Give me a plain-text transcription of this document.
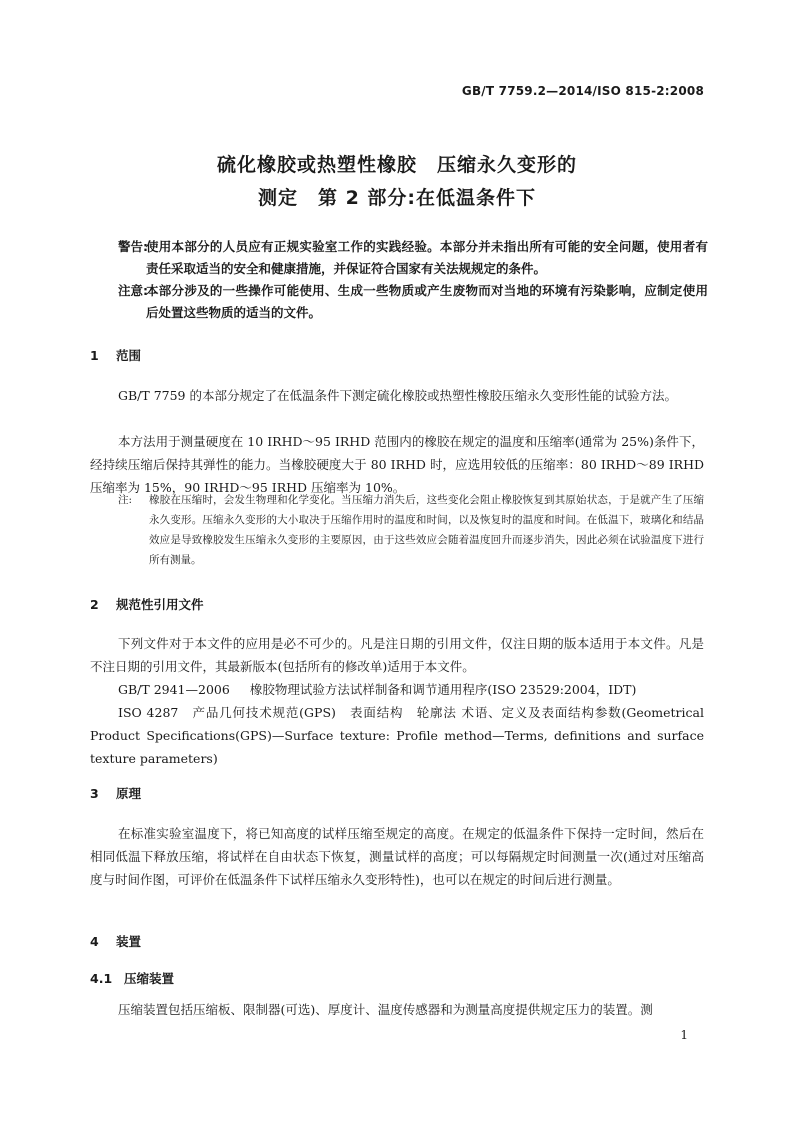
GB/T 7759.2—2014/ISO 815-2:2008
硫化橡胶或热塑性橡胶　压缩永久变形的
测定　第 2 部分:在低温条件下
警告:
使用本部分的人员应有正规实验室工作的实践经验。本部分并未指出所有可能的安全问题，使用者有责任采取适当的安全和健康措施，并保证符合国家有关法规规定的条件。
注意:
本部分涉及的一些操作可能使用、生成一些物质或产生废物而对当地的环境有污染影响，应制定使用后处置这些物质的适当的文件。
1 范围
GB/T 7759 的本部分规定了在低温条件下测定硫化橡胶或热塑性橡胶压缩永久变形性能的试验方法。
本方法用于测量硬度在 10 IRHD～95 IRHD 范围内的橡胶在规定的温度和压缩率(通常为 25%)条件下，经持续压缩后保持其弹性的能力。当橡胶硬度大于 80 IRHD 时，应选用较低的压缩率：80 IRHD～89 IRHD 压缩率为 15%，90 IRHD～95 IRHD 压缩率为 10%。
注:	橡胶在压缩时，会发生物理和化学变化。当压缩力消失后，这些变化会阻止橡胶恢复到其原始状态，于是就产生了压缩永久变形。压缩永久变形的大小取决于压缩作用时的温度和时间，以及恢复时的温度和时间。在低温下，玻璃化和结晶效应是导致橡胶发生压缩永久变形的主要原因，由于这些效应会随着温度回升而逐步消失，因此必须在试验温度下进行所有测量。
2 规范性引用文件
下列文件对于本文件的应用是必不可少的。凡是注日期的引用文件，仅注日期的版本适用于本文件。凡是不注日期的引用文件，其最新版本(包括所有的修改单)适用于本文件。
GB/T 2941—2006 橡胶物理试验方法试样制备和调节通用程序(ISO 23529:2004，IDT)
ISO 4287　产品几何技术规范(GPS)　表面结构　轮廓法 术语、定义及表面结构参数(Geometrical Product Specifications(GPS)—Surface texture: Profile method—Terms, definitions and surface texture parameters)
3 原理
在标准实验室温度下，将已知高度的试样压缩至规定的高度。在规定的低温条件下保持一定时间，然后在相同低温下释放压缩，将试样在自由状态下恢复，测量试样的高度；可以每隔规定时间测量一次(通过对压缩高度与时间作图，可评价在低温条件下试样压缩永久变形特性)，也可以在规定的时间后进行测量。
4 装置
4.1 压缩装置
压缩装置包括压缩板、限制器(可选)、厚度计、温度传感器和为测量高度提供规定压力的装置。测
1
